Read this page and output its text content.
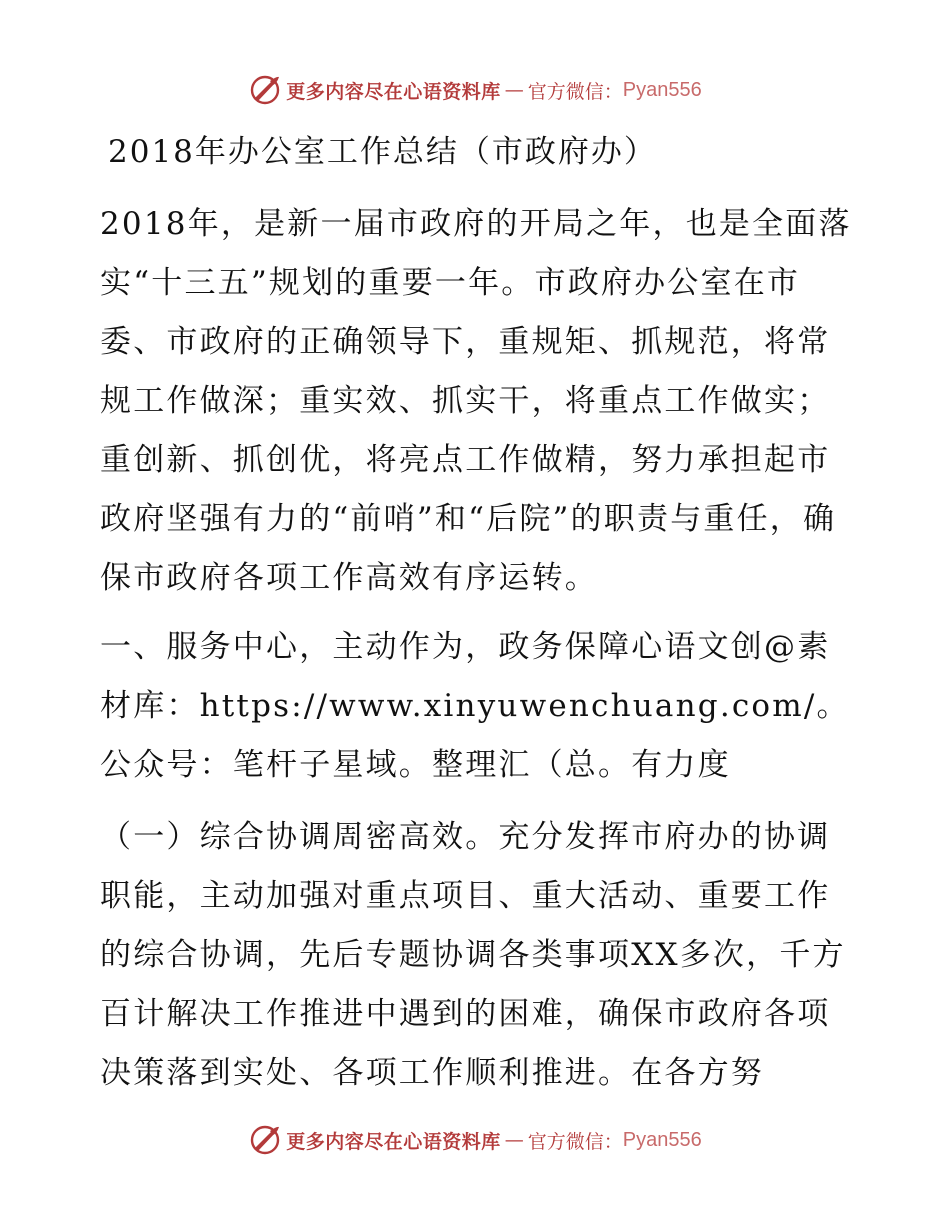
更多内容尽在心语资料库 — 官方微信： Pyan556
2018年办公室工作总结（市政府办）

2018年，是新一届市政府的开局之年，也是全面落实“十三五”规划的重要一年。市政府办公室在市委、市政府的正确领导下，重规矩、抓规范，将常规工作做深；重实效、抓实干，将重点工作做实；重创新、抓创优，将亮点工作做精，努力承担起市政府坚强有力的“前哨”和“后院”的职责与重任，确保市政府各项工作高效有序运转。

一、服务中心，主动作为，政务保障心语文创@素材库：https://www.xinyuwenchuang.com/。公众号：笔杆子星域。整理汇（总。有力度

（一）综合协调周密高效。充分发挥市府办的协调职能，主动加强对重点项目、重大活动、重要工作的综合协调，先后专题协调各类事项XX多次，千方百计解决工作推进中遇到的困难，确保市政府各项决策落到实处、各项工作顺利推进。在各方努

更多内容尽在心语资料库 — 官方微信： Pyan556
